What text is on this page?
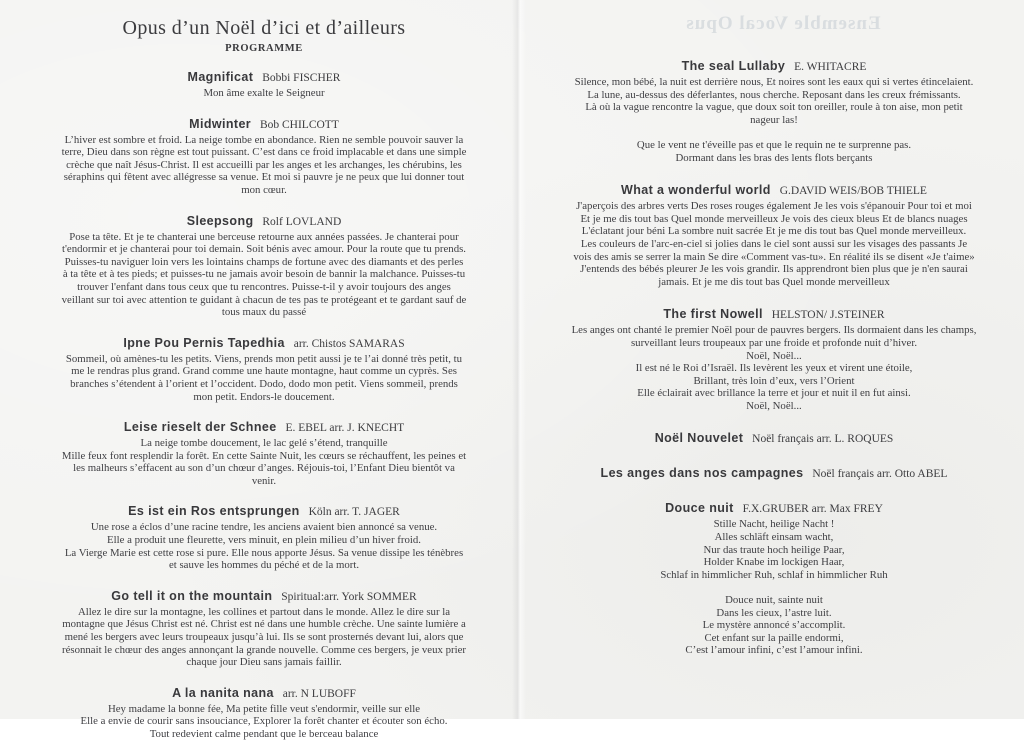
Ensemble Vocal Opus
Opus d’un Noël d’ici et d’ailleurs
PROGRAMME
Magnificat Bobbi FISCHER
Mon âme exalte le Seigneur
Midwinter Bob CHILCOTT
L’hiver est sombre et froid. La neige tombe en abondance. Rien ne semble pouvoir sauver la
terre, Dieu dans son règne est tout puissant. C’est dans ce froid implacable et dans une simple
crèche que naît Jésus-Christ. Il est accueilli par les anges et les archanges, les chérubins, les
séraphins qui fêtent avec allégresse sa venue. Et moi si pauvre je ne peux que lui donner tout
mon cœur.
Sleepsong Rolf LOVLAND
Pose ta tête. Et je te chanterai une berceuse retourne aux années passées. Je chanterai pour
t'endormir et je chanterai pour toi demain. Soit bénis avec amour. Pour la route que tu prends.
Puisses-tu naviguer loin vers les lointains champs de fortune avec des diamants et des perles
à ta tête et à tes pieds; et puisses-tu ne jamais avoir besoin de bannir la malchance. Puisses-tu
trouver l'enfant dans tous ceux que tu rencontres. Puisse-t-il y avoir toujours des anges
veillant sur toi avec attention te guidant à chacun de tes pas te protégeant et te gardant sauf de
tous maux du passé
Ipne Pou Pernis Tapedhia arr. Chistos SAMARAS
Sommeil, où amènes-tu les petits. Viens, prends mon petit aussi je te l’ai donné très petit, tu
me le rendras plus grand. Grand comme une haute montagne, haut comme un cyprès. Ses
branches s’étendent à l’orient et l’occident. Dodo, dodo mon petit. Viens sommeil, prends
mon petit. Endors-le doucement.
Leise rieselt der Schnee E. EBEL arr. J. KNECHT
La neige tombe doucement, le lac gelé s’étend, tranquille
Mille feux font resplendir la forêt. En cette Sainte Nuit, les cœurs se réchauffent, les peines et
les malheurs s’effacent au son d’un chœur d’anges. Réjouis-toi, l’Enfant Dieu bientôt va
venir.
Es ist ein Ros entsprungen Köln arr. T. JAGER
Une rose a éclos d’une racine tendre, les anciens avaient bien annoncé sa venue.
Elle a produit une fleurette, vers minuit, en plein milieu d’un hiver froid.
La Vierge Marie est cette rose si pure. Elle nous apporte Jésus. Sa venue dissipe les ténèbres
et sauve les hommes du péché et de la mort.
Go tell it on the mountain Spiritual:arr. York SOMMER
Allez le dire sur la montagne, les collines et partout dans le monde. Allez le dire sur la
montagne que Jésus Christ est né. Christ est né dans une humble crèche. Une sainte lumière a
mené les bergers avec leurs troupeaux jusqu’à lui. Ils se sont prosternés devant lui, alors que
résonnait le chœur des anges annonçant la grande nouvelle. Comme ces bergers, je veux prier
chaque jour Dieu sans jamais faillir.
A la nanita nana arr. N LUBOFF
Hey madame la bonne fée, Ma petite fille veut s'endormir, veille sur elle
Elle a envie de courir sans insouciance, Explorer la forêt chanter et écouter son écho.
Tout redevient calme pendant que le berceau balance
The seal Lullaby E. WHITACRE
Silence, mon bébé, la nuit est derrière nous, Et noires sont les eaux qui si vertes étincelaient.
La lune, au-dessus des déferlantes, nous cherche. Reposant dans les creux frémissants.
Là où la vague rencontre la vague, que doux soit ton oreiller, roule à ton aise, mon petit
nageur las!
Que le vent ne t'éveille pas et que le requin ne te surprenne pas.
Dormant dans les bras des lents flots berçants
What a wonderful world G.DAVID WEIS/BOB THIELE
J'aperçois des arbres verts Des roses rouges également Je les vois s'épanouir Pour toi et moi
Et je me dis tout bas Quel monde merveilleux Je vois des cieux bleus Et de blancs nuages
L'éclatant jour béni La sombre nuit sacrée Et je me dis tout bas Quel monde merveilleux.
Les couleurs de l'arc-en-ciel si jolies dans le ciel sont aussi sur les visages des passants Je
vois des amis se serrer la main Se dire «Comment vas-tu». En réalité ils se disent «Je t'aime»
J'entends des bébés pleurer Je les vois grandir. Ils apprendront bien plus que je n'en saurai
jamais. Et je me dis tout bas Quel monde merveilleux
The first Nowell HELSTON/ J.STEINER
Les anges ont chanté le premier Noël pour de pauvres bergers. Ils dormaient dans les champs,
surveillant leurs troupeaux par une froide et profonde nuit d’hiver.
Noël, Noël...
Il est né le Roi d’Israël. Ils levèrent les yeux et virent une étoile,
Brillant, très loin d’eux, vers l’Orient
Elle éclairait avec brillance la terre et jour et nuit il en fut ainsi.
Noël, Noël...
Noël Nouvelet Noël français arr. L. ROQUES
Les anges dans nos campagnes Noël français arr. Otto ABEL
Douce nuit F.X.GRUBER arr. Max FREY
Stille Nacht, heilige Nacht !
Alles schläft einsam wacht,
Nur das traute hoch heilige Paar,
Holder Knabe im lockigen Haar,
Schlaf in himmlicher Ruh, schlaf in himmlicher Ruh
Douce nuit, sainte nuit
Dans les cieux, l’astre luit.
Le mystère annoncé s’accomplit.
Cet enfant sur la paille endormi,
C’est l’amour infini, c’est l’amour infini.
